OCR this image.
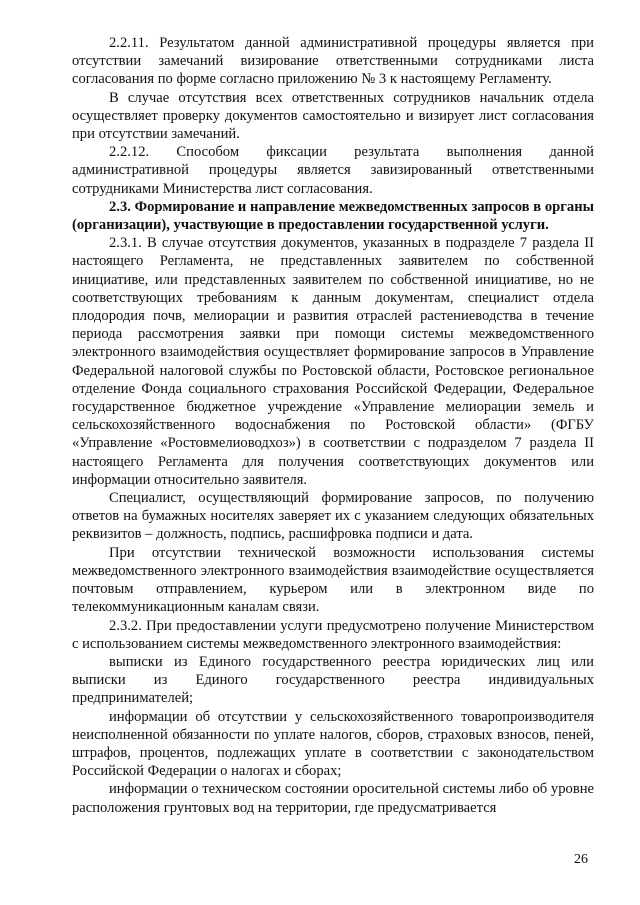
2.2.11. Результатом данной административной процедуры является при отсутствии замечаний визирование ответственными сотрудниками листа согласования по форме согласно приложению № 3 к настоящему Регламенту.

В случае отсутствия всех ответственных сотрудников начальник отдела осуществляет проверку документов самостоятельно и визирует лист согласования при отсутствии замечаний.

2.2.12. Способом фиксации результата выполнения данной административной процедуры является завизированный ответственными сотрудниками Министерства лист согласования.

2.3. Формирование и направление межведомственных запросов в органы (организации), участвующие в предоставлении государственной услуги.

2.3.1. В случае отсутствия документов, указанных в подразделе 7 раздела II настоящего Регламента, не представленных заявителем по собственной инициативе, или представленных заявителем по собственной инициативе, но не соответствующих требованиям к данным документам, специалист отдела плодородия почв, мелиорации и развития отраслей растениеводства в течение периода рассмотрения заявки при помощи системы межведомственного электронного взаимодействия осуществляет формирование запросов в Управление Федеральной налоговой службы по Ростовской области, Ростовское региональное отделение Фонда социального страхования Российской Федерации, Федеральное государственное бюджетное учреждение «Управление мелиорации земель и сельскохозяйственного водоснабжения по Ростовской области» (ФГБУ «Управление «Ростовмелиоводхоз») в соответствии с подразделом 7 раздела II настоящего Регламента для получения соответствующих документов или информации относительно заявителя.

Специалист, осуществляющий формирование запросов, по получению ответов на бумажных носителях заверяет их с указанием следующих обязательных реквизитов – должность, подпись, расшифровка подписи и дата.

При отсутствии технической возможности использования системы межведомственного электронного взаимодействия взаимодействие осуществляется почтовым отправлением, курьером или в электронном виде по телекоммуникационным каналам связи.

2.3.2. При предоставлении услуги предусмотрено получение Министерством с использованием системы межведомственного электронного взаимодействия:

выписки из Единого государственного реестра юридических лиц или выписки из Единого государственного реестра индивидуальных предпринимателей;

информации об отсутствии у сельскохозяйственного товаропроизводителя неисполненной обязанности по уплате налогов, сборов, страховых взносов, пеней, штрафов, процентов, подлежащих уплате в соответствии с законодательством Российской Федерации о налогах и сборах;

информации о техническом состоянии оросительной системы либо об уровне расположения грунтовых вод на территории, где предусматривается

26
